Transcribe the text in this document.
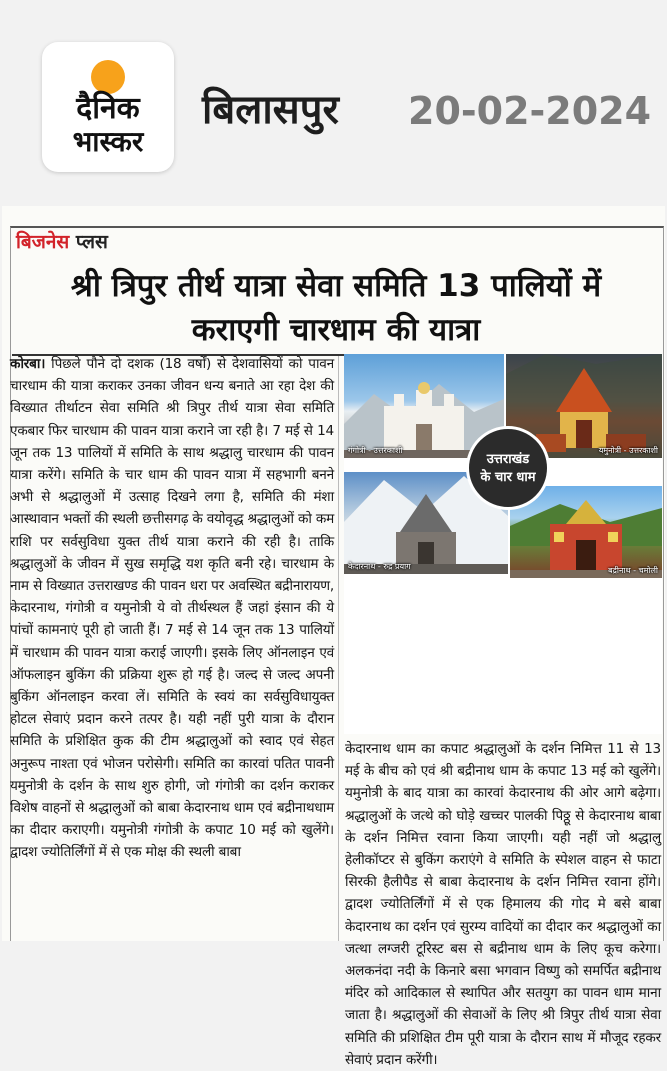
दैनिक
भास्कर
बिलासपुर 20-02-2024
बिजनेस प्लस
श्री त्रिपुर तीर्थ यात्रा सेवा समिति 13 पालियों में
कराएगी चारधाम की यात्रा

कोरबा। पिछले पौने दो दशक (18 वर्षों) से देशवासियों को पावन चारधाम की यात्रा कराकर उनका जीवन धन्य बनाते आ रहा देश की विख्यात तीर्थाटन सेवा समिति श्री त्रिपुर तीर्थ यात्रा सेवा समिति एकबार फिर चारधाम की पावन यात्रा कराने जा रही है। 7 मई से 14 जून तक 13 पालियों में समिति के साथ श्रद्धालु चारधाम की पावन यात्रा करेंगे। समिति के चार धाम की पावन यात्रा में सहभागी बनने अभी से श्रद्धालुओं में उत्साह दिखने लगा है, समिति की मंशा आस्थावान भक्तों की स्थली छत्तीसगढ़ के वयोवृद्ध श्रद्धालुओं को कम राशि पर सर्वसुविधा युक्त तीर्थ यात्रा कराने की रही है। ताकि श्रद्धालुओं के जीवन में सुख समृद्धि यश कृति बनी रहे। चारधाम के नाम से विख्यात उत्तराखण्ड की पावन धरा पर अवस्थित बद्रीनारायण, केदारनाथ, गंगोत्री व यमुनोत्री ये वो तीर्थस्थल हैं जहां इंसान की ये पांचों कामनाएं पूरी हो जाती हैं। 7 मई से 14 जून तक 13 पालियों में चारधाम की पावन यात्रा कराई जाएगी। इसके लिए ऑनलाइन एवं ऑफलाइन बुकिंग की प्रक्रिया शुरू हो गई है। जल्द से जल्द अपनी बुकिंग ऑनलाइन करवा लें। समिति के स्वयं का सर्वसुविधायुक्त होटल सेवाएं प्रदान करने तत्पर है। यही नहीं पुरी यात्रा के दौरान समिति के प्रशिक्षित कुक की टीम श्रद्धालुओं को स्वाद एवं सेहत अनुरूप नाश्ता एवं भोजन परोसेगी। समिति का कारवां पतित पावनी यमुनोत्री के दर्शन के साथ शुरु होगी, जो गंगोत्री का दर्शन कराकर विशेष वाहनों से श्रद्धालुओं को बाबा केदारनाथ धाम एवं बद्रीनाथधाम का दीदार कराएगी। यमुनोत्री गंगोत्री के कपाट 10 मई को खुलेंगे। द्वादश ज्योतिर्लिंगों में से एक मोक्ष की स्थली बाबा

गंगोत्री - उत्तरकाशी	यमुनोत्री - उत्तरकाशी
केदारनाथ - रुद्र प्रयाग	बद्रीनाथ - चमोली
उत्तराखंड
के चार धाम

केदारनाथ धाम का कपाट श्रद्धालुओं के दर्शन निमित्त 11 से 13 मई के बीच को एवं श्री बद्रीनाथ धाम के कपाट 13 मई को खुलेंगे। यमुनोत्री के बाद यात्रा का कारवां केदारनाथ की ओर आगे बढ़ेगा। श्रद्धालुओं के जत्थे को घोड़े खच्चर पालकी पिठ्ठू से केदारनाथ बाबा के दर्शन निमित्त रवाना किया जाएगी। यही नहीं जो श्रद्धालु हेलीकॉप्टर से बुकिंग कराएंगे वे समिति के स्पेशल वाहन से फाटा सिरकी हैलीपैड से बाबा केदारनाथ के दर्शन निमित्त रवाना होंगे। द्वादश ज्योतिर्लिंगों में से एक हिमालय की गोद मे बसे बाबा केदारनाथ का दर्शन एवं सुरम्य वादियों का दीदार कर श्रद्धालुओं का जत्था लग्जरी टूरिस्ट बस से बद्रीनाथ धाम के लिए कूच करेगा। अलकनंदा नदी के किनारे बसा भगवान विष्णु को समर्पित बद्रीनाथ मंदिर को आदिकाल से स्थापित और सतयुग का पावन धाम माना जाता है। श्रद्धालुओं की सेवाओं के लिए श्री त्रिपुर तीर्थ यात्रा सेवा समिति की प्रशिक्षित टीम पूरी यात्रा के दौरान साथ में मौजूद रहकर सेवाएं प्रदान करेंगी।
